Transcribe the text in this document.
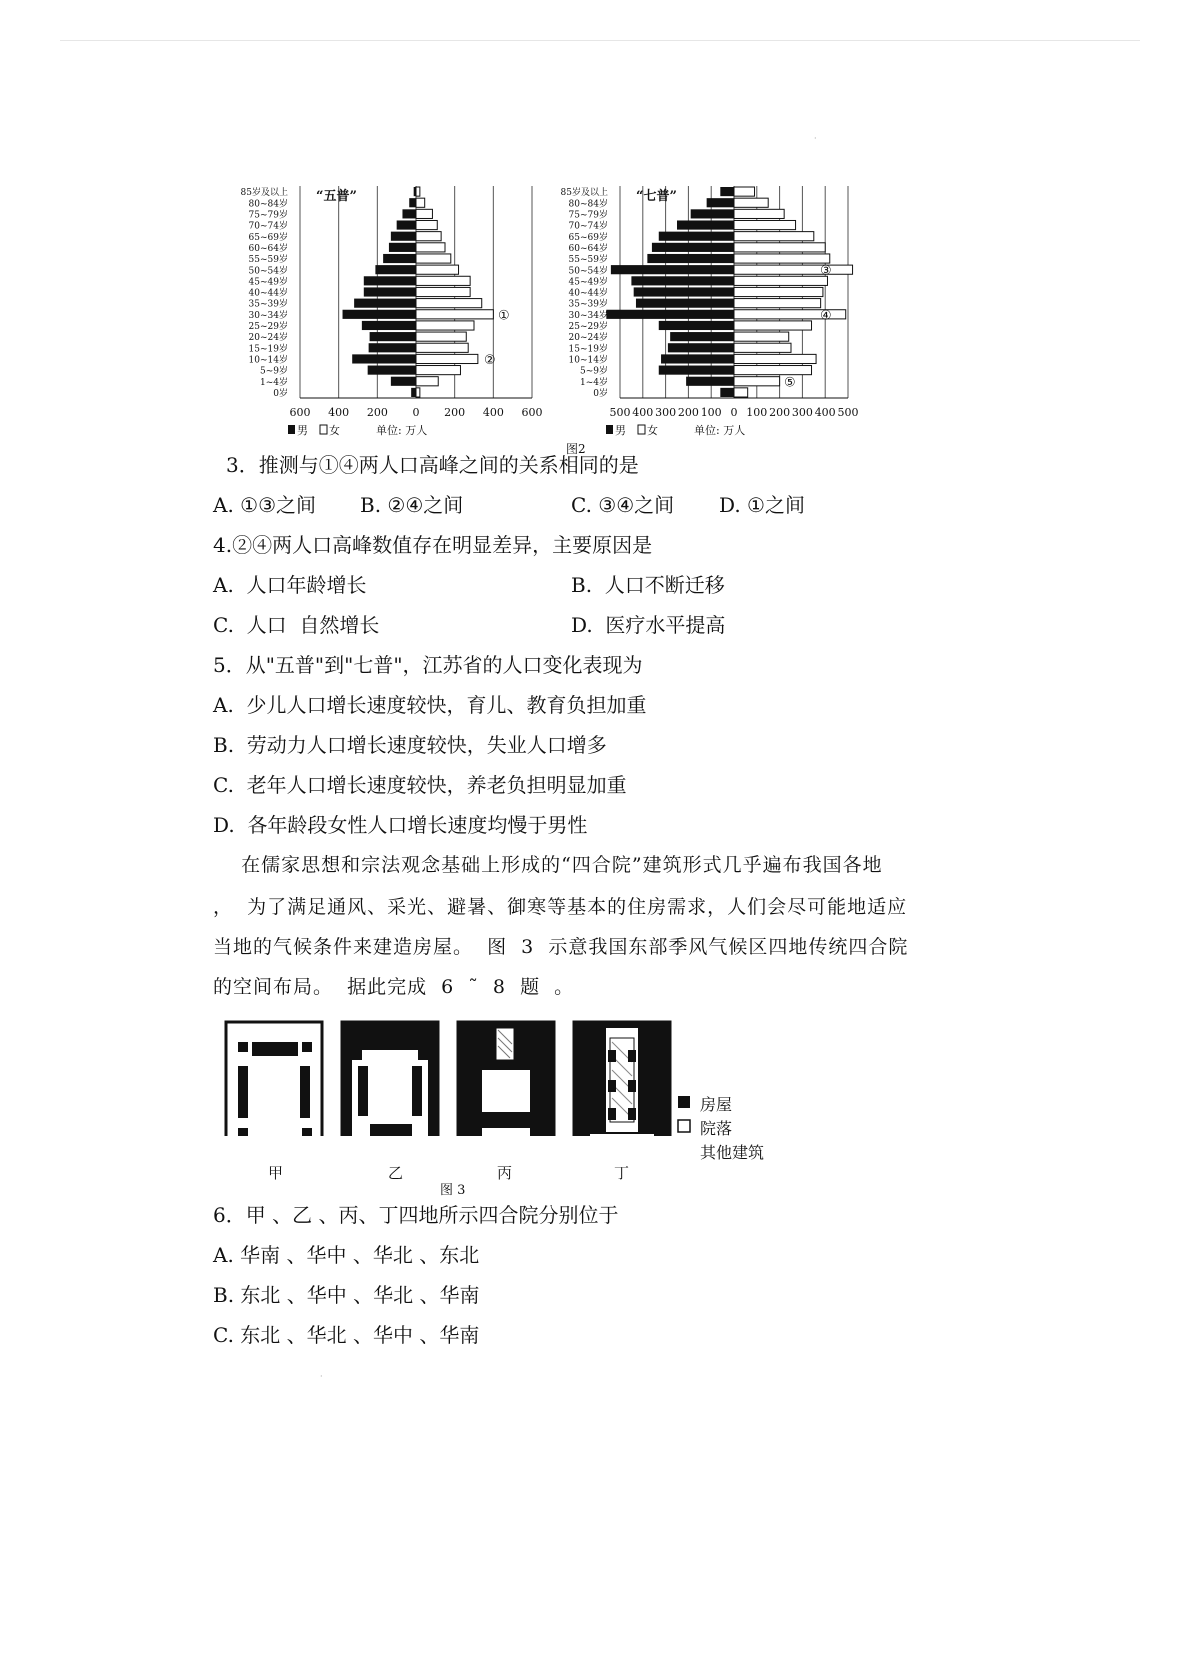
·
·
600 400 200 0 200 400 600
0岁
1~4岁
5~9岁
10~14岁
15~19岁
20~24岁
25~29岁
30~34岁
35~39岁
40~44岁
45~49岁
50~54岁
55~59岁
60~64岁
65~69岁
70~74岁
75~79岁
80~84岁
85岁及以上 “五普”
男 女	单位: 万人
①
②
500 400 300 200 100 0 100 200 300 400 500
0岁
1~4岁
5~9岁
10~14岁
15~19岁
20~24岁
25~29岁
30~34岁
35~39岁
40~44岁
45~49岁
50~54岁
55~59岁
60~64岁
65~69岁
70~74岁
75~79岁
80~84岁
85岁及以上 “七普”
男 女	单位: 万人
③
④
⑤
图2
3．推测与①④两人口高峰之间的关系相同的是
A. ①③之间 B. ②④之间	C. ③④之间 D. ①之间
4.②④两人口高峰数值存在明显差异，主要原因是
A.  人口年龄增长	B.  人口不断迁移
C.  人口  自然增长	D.  医疗水平提高
5．从"五普"到"七普"，江苏省的人口变化表现为
A.  少儿人口增长速度较快，育儿、教育负担加重
B.  劳动力人口增长速度较快，失业人口增多
C.  老年人口增长速度较快，养老负担明显加重
D.  各年龄段女性人口增长速度均慢于男性
在儒家思想和宗法观念基础上形成的“四合院”建筑形式几乎遍布我国各地
，  为了满足通风、采光、避暑、御寒等基本的住房需求，人们会尽可能地适应
当地的气候条件来建造房屋。  图  3  示意我国东部季风气候区四地传统四合院
的空间布局。  据此完成  6  ˜  8  题  。
房屋
院落
其他建筑
甲	乙	丙	丁
图 3
6．甲 、乙 、丙、丁四地所示四合院分别位于
A. 华南 、华中 、华北 、东北
B. 东北 、华中 、华北 、华南
C. 东北 、华北 、华中 、华南
